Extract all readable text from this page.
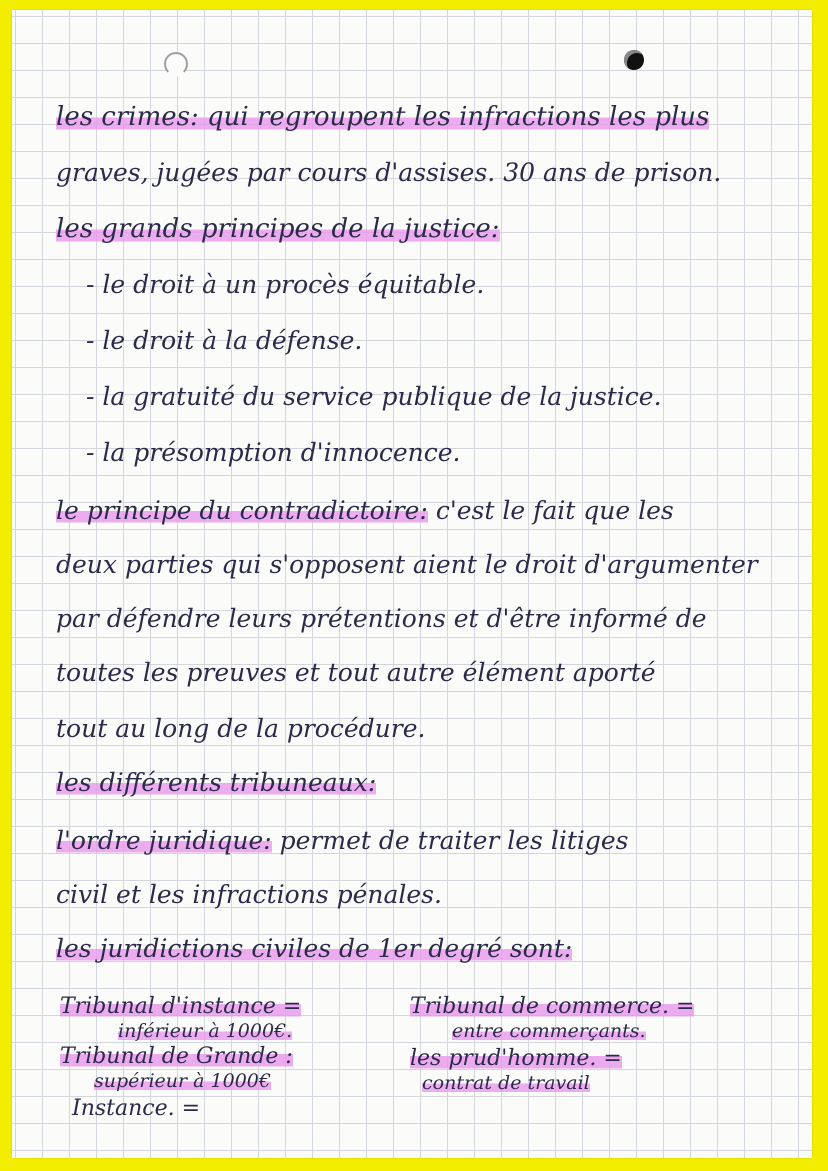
les crimes: qui regroupent les infractions les plus
graves, jugées par cours d'assises. 30 ans de prison.
les grands principes de la justice:
- le droit à un procès équitable.
- le droit à la défense.
- la gratuité du service publique de la justice.
- la présomption d'innocence.
le principe du contradictoire: c'est le fait que les
deux parties qui s'opposent aient le droit d'argumenter
par défendre leurs prétentions et d'être informé de
toutes les preuves et tout autre élément aporté
tout au long de la procédure.
les différents tribuneaux:
l'ordre juridique: permet de traiter les litiges
civil et les infractions pénales.
les juridictions civiles de 1er degré sont:
Tribunal d'instance =
inférieur à 1000€.
Tribunal de Grande :
supérieur à 1000€
Instance. =
Tribunal de commerce. =
entre commerçants.
les prud'homme. =
contrat de travail
